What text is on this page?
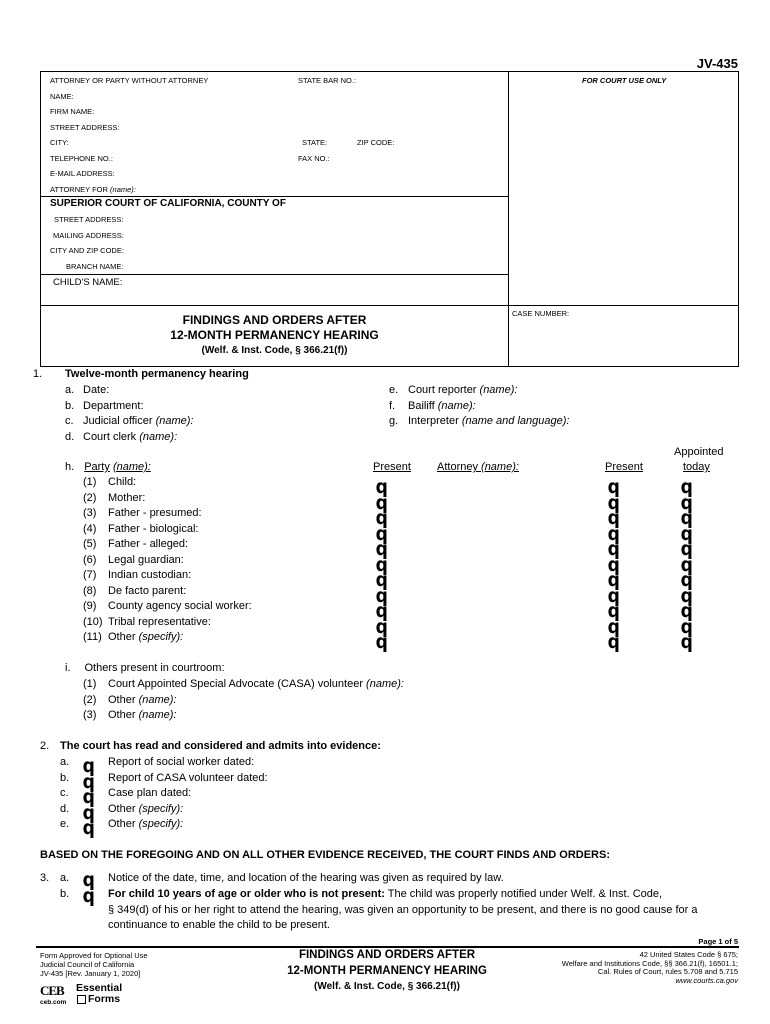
JV-435
ATTORNEY OR PARTY WITHOUT ATTORNEY	STATE BAR NO.:	FOR COURT USE ONLY
NAME:
FIRM NAME:
STREET ADDRESS:
CITY:	STATE:	ZIP CODE:
TELEPHONE NO.:	FAX NO.:
E-MAIL ADDRESS:
ATTORNEY FOR (name):
SUPERIOR COURT OF CALIFORNIA, COUNTY OF
STREET ADDRESS:
MAILING ADDRESS:
CITY AND ZIP CODE:
BRANCH NAME:
CHILD'S NAME:
FINDINGS AND ORDERS AFTER
12-MONTH PERMANENCY HEARING
(Welf. & Inst. Code, § 366.21(f))
CASE NUMBER:
1. Twelve-month permanency hearing
a. Date:
b. Department:
c. Judicial officer (name):
d. Court clerk (name):
e. Court reporter (name):
f. Bailiff (name):
g. Interpreter (name and language):
Appointed
today
h. Party (name):	Present Attorney (name):	Present
(1) Child:	q	q	q
(2) Mother:	q	q	q
(3) Father - presumed:	q	q	q
(4) Father - biological:	q	q	q
(5) Father - alleged:	q	q	q
(6) Legal guardian:	q	q	q
(7) Indian custodian:	q	q	q
(8) De facto parent:	q	q	q
(9) County agency social worker:	q	q	q
(10) Tribal representative:	q	q	q
(11) Other (specify):	q	q	q
i. Others present in courtroom:
(1) Court Appointed Special Advocate (CASA) volunteer (name):
(2) Other (name):
(3) Other (name):
2. The court has read and considered and admits into evidence:
a. q Report of social worker dated:
b. q Report of CASA volunteer dated:
c. q Case plan dated:
d. q Other (specify):
e. q Other (specify):
BASED ON THE FOREGOING AND ON ALL OTHER EVIDENCE RECEIVED, THE COURT FINDS AND ORDERS:
3. a. q Notice of the date, time, and location of the hearing was given as required by law.
b. q For child 10 years of age or older who is not present: The child was properly notified under Welf. & Inst. Code,
§ 349(d) of his or her right to attend the hearing, was given an opportunity to be present, and there is no good cause for a
continuance to enable the child to be present.
Page 1 of 5
Form Approved for Optional Use
Judicial Council of California
JV-435 [Rev. January 1, 2020]
FINDINGS AND ORDERS AFTER
12-MONTH PERMANENCY HEARING
(Welf. & Inst. Code, § 366.21(f))
42 United States Code § 675;
Welfare and Institutions Code, §§ 366.21(f), 16501.1;
Cal. Rules of Court, rules 5.708 and 5.715
www.courts.ca.gov
CEB
ceb.com
Essential
Forms
